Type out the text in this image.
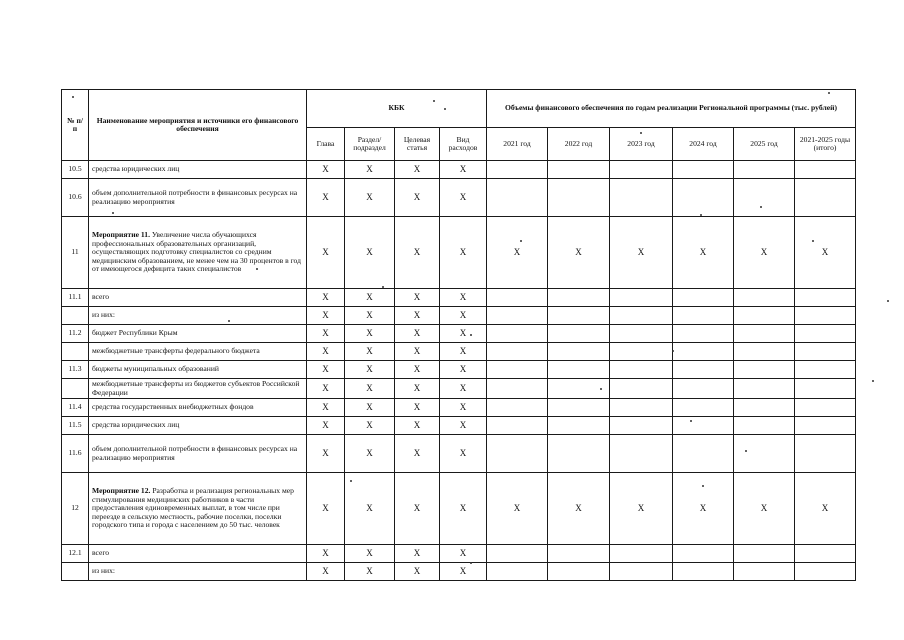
№ п/п	Наименование мероприятия и источники его финансового обеспечения	КБК				Объемы финансового обеспечения по годам реализации Региональной программы (тыс. рублей)					
		Глава	Раздел/ подраздел	Целевая статья	Вид расходов	2021 год	2022 год	2023 год	2024 год	2025 год	2021-2025 годы (итого)
10.5	средства юридических лиц	X	X	X	X						
10.6	объем дополнительной потребности в финансовых ресурсах на реализацию мероприятия	X	X	X	X						
11	Мероприятие 11. Увеличение числа обучающихся профессиональных образовательных организаций, осуществляющих подготовку специалистов со средним медицинским образованием, не менее чем на 30 процентов в год от имеющегося дефицита таких специалистов	X	X	X	X	X	X	X	X	X	X
11.1	всего	X	X	X	X						
	из них:	X	X	X	X						
11.2	бюджет Республики Крым	X	X	X	X						
	межбюджетные трансферты федерального бюджета	X	X	X	X						
11.3	бюджеты муниципальных образований	X	X	X	X						
	межбюджетные трансферты из бюджетов субъектов Российской Федерации	X	X	X	X						
11.4	средства государственных внебюджетных фондов	X	X	X	X						
11.5	средства юридических лиц	X	X	X	X						
11.6	объем дополнительной потребности в финансовых ресурсах на реализацию мероприятия	X	X	X	X						
12	Мероприятие 12. Разработка и реализация региональных мер стимулирования медицинских работников в части предоставления единовременных выплат, в том числе при переезде в сельскую местность, рабочие поселки, поселки городского типа и города с населением до 50 тыс. человек	X	X	X	X	X	X	X	X	X	X
12.1	всего	X	X	X	X						
	из них:	X	X	X	X						
